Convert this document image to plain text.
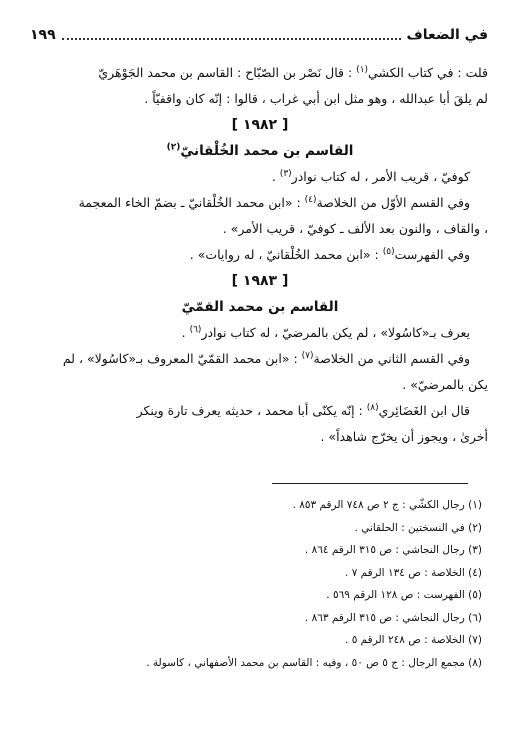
١٩٩	في الضعاف

قلت : في كتاب الكشي$^{(١)}$ : قال نَصْر بن الصّبّاح : القاسم بن محمد الجَوْهَريّ

لم يلقَ أبا عبدالله ، وهو مثل ابن أبي غراب ، قالوا : إنّه كان واقفيّاً .

[ ١٩٨٢ ]

القاسم بن محمد الخُلْقانيّ$^{(٢)}$

كوفيّ ، قريب الأمر ، له كتاب نوادر$^{(٣)}$ .

وفي القسم الأوّل من الخلاصة$^{(٤)}$ : «ابن محمد الخُلْقانيّ ـ بضمّ الخاء المعجمة

، والقاف ، والنون بعد الألف ـ كوفيّ ، قريب الأمر» .

وفي الفهرست$^{(٥)}$ : «ابن محمد الخُلْقانيّ ، له روايات» .

[ ١٩٨٣ ]

القاسم بن محمد القمّيّ

يعرف بـ«كاسُولا» ، لم يكن بالمرضيّ ، له كتاب نوادر$^{(٦)}$ .

وفي القسم الثاني من الخلاصة$^{(٧)}$ : «ابن محمد القمّيّ المعروف بـ«كاسُولا» ، لم

يكن بالمرضيّ» .

قال ابن الغَضَائِري$^{(٨)}$ : إنّه يكنّى أبا محمد ، حديثه يعرف تارة وينكر

أخرىٰ ، ويجوز أن يخرّج شاهداً» .

(١) رجال الكشّي : ج ٢ ص ٧٤٨ الرقم ٨٥٣ .

(٢) في النسختين : الحلقاني .

(٣) رجال النجاشي : ص ٣١٥ الرقم ٨٦٤ .

(٤) الخلاصة : ص ١٣٤ الرقم ٧ .

(٥) الفهرست : ص ١٢٨ الرقم ٥٦٩ .

(٦) رجال النجاشي : ص ٣١٥ الرقم ٨٦٣ .

(٧) الخلاصة : ص ٢٤٨ الرقم ٥ .

(٨) مجمع الرجال : ج ٥ ص ٥٠ ، وفيه : القاسم بن محمد الأصفهاني ، كاسولة .
